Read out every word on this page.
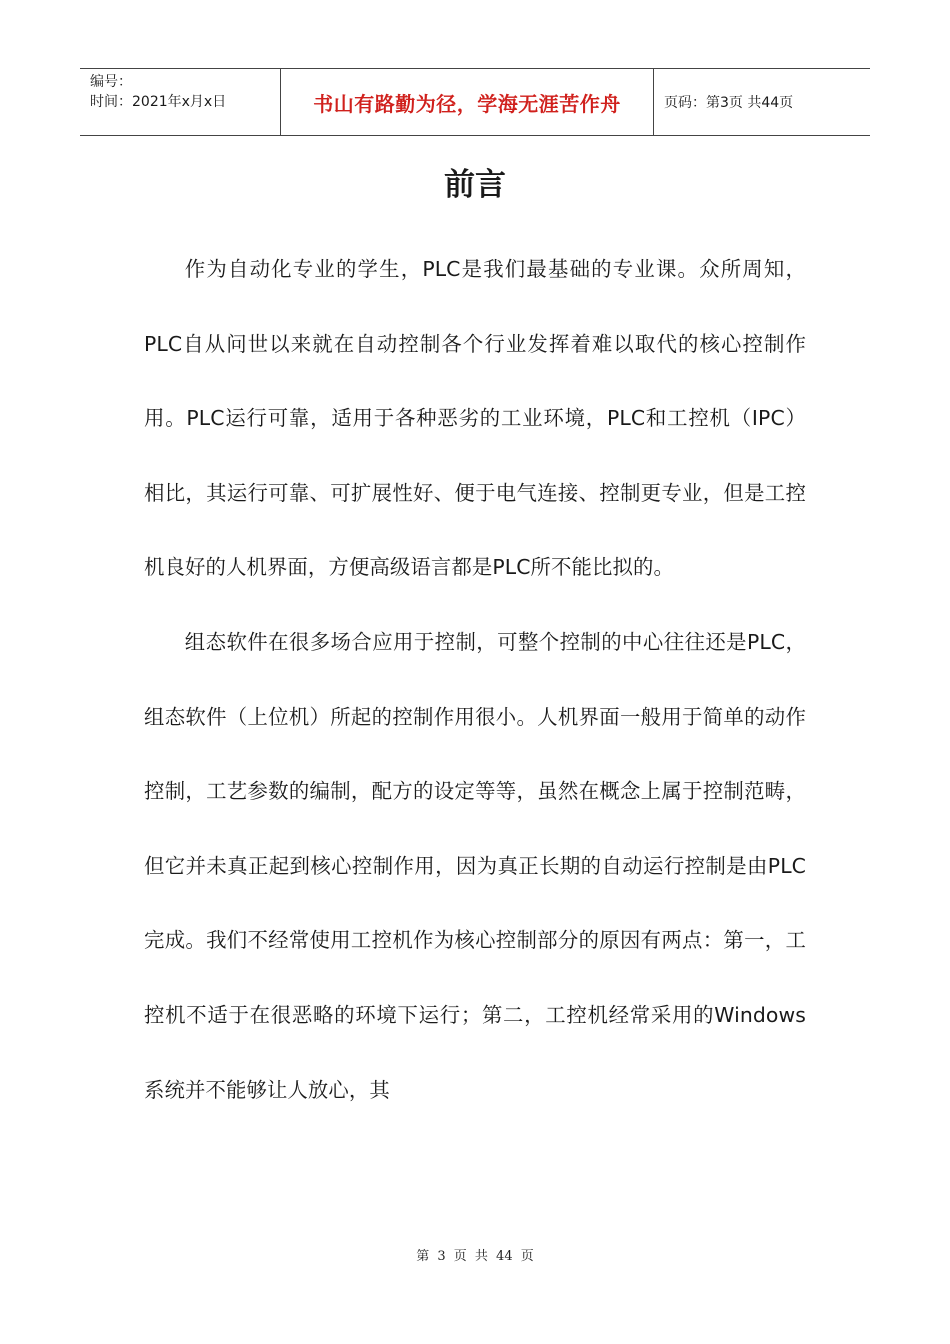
编号：
时间：2021年x月x日	书山有路勤为径，学海无涯苦作舟	页码：第3页 共44页
前言

作为自动化专业的学生，PLC是我们最基础的专业课。众所周知，PLC自从问世以来就在自动控制各个行业发挥着难以取代的核心控制作用。PLC运行可靠，适用于各种恶劣的工业环境，PLC和工控机（IPC）相比，其运行可靠、可扩展性好、便于电气连接、控制更专业，但是工控机良好的人机界面，方便高级语言都是PLC所不能比拟的。

组态软件在很多场合应用于控制，可整个控制的中心往往还是PLC，组态软件（上位机）所起的控制作用很小。人机界面一般用于简单的动作控制，工艺参数的编制，配方的设定等等，虽然在概念上属于控制范畴，但它并未真正起到核心控制作用，因为真正长期的自动运行控制是由PLC完成。我们不经常使用工控机作为核心控制部分的原因有两点：第一，工控机不适于在很恶略的环境下运行；第二，工控机经常采用的Windows系统并不能够让人放心，其

第 3 页 共 44 页
